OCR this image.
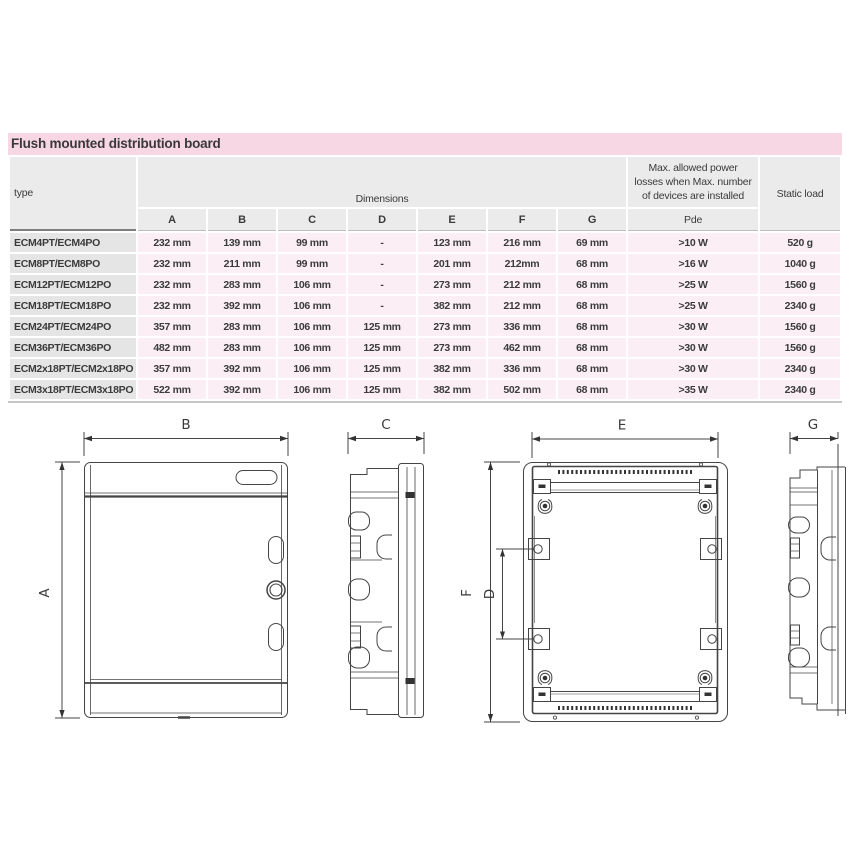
Flush mounted distribution board
type	Dimensions							Max. allowed power losses when Max. number of devices are installed	Static load
	A	B	C	D	E	F	G	Pde	
ECM4PT/ECM4PO	232 mm	139 mm	99 mm	-	123 mm	216 mm	69 mm	>10 W	520 g
ECM8PT/ECM8PO	232 mm	211 mm	99 mm	-	201 mm	212mm	68 mm	>16 W	1040 g
ECM12PT/ECM12PO	232 mm	283 mm	106 mm	-	273 mm	212 mm	68 mm	>25 W	1560 g
ECM18PT/ECM18PO	232 mm	392 mm	106 mm	-	382 mm	212 mm	68 mm	>25 W	2340 g
ECM24PT/ECM24PO	357 mm	283 mm	106 mm	125 mm	273 mm	336 mm	68 mm	>30 W	1560 g
ECM36PT/ECM36PO	482 mm	283 mm	106 mm	125 mm	273 mm	462 mm	68 mm	>30 W	1560 g
ECM2x18PT/ECM2x18PO	357 mm	392 mm	106 mm	125 mm	382 mm	336 mm	68 mm	>30 W	2340 g
ECM3x18PT/ECM3x18PO	522 mm	392 mm	106 mm	125 mm	382 mm	502 mm	68 mm	>35 W	2340 g
B
A
C	E
F D
G
